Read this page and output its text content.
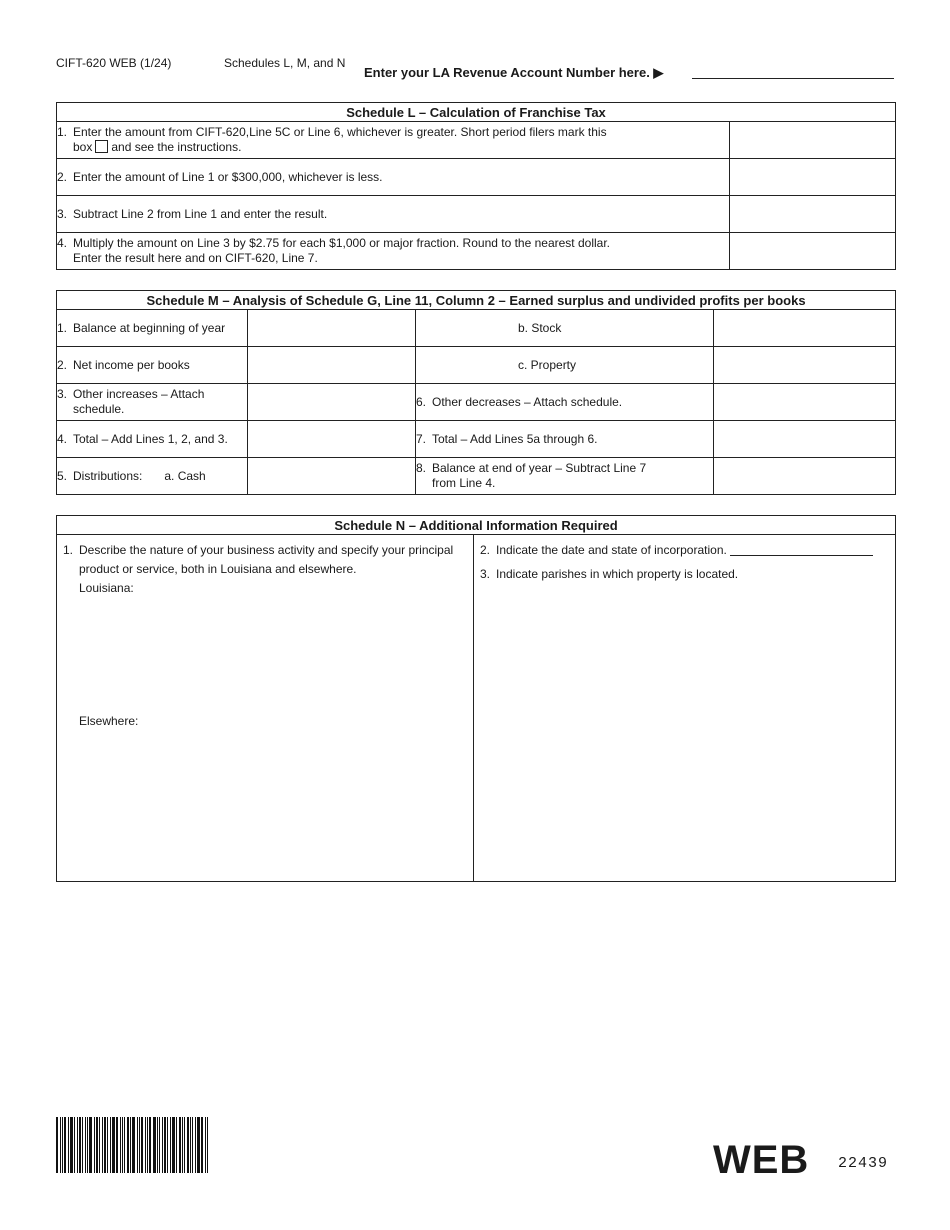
CIFT-620 WEB (1/24)	Schedules L, M, and N
Enter your LA Revenue Account Number here. ▶
Schedule L – Calculation of Franchise Tax	

1. Enter the amount from CIFT-620,Line 5C or Line 6, whichever is greater. Short period filers mark this
box and see the instructions.	

2. Enter the amount of Line 1 or $300,000, whichever is less.	
3. Subtract Line 2 from Line 1 and enter the result.	

4. Multiply the amount on Line 3 by $2.75 for each $1,000 or major fraction. Round to the nearest dollar.
Enter the result here and on CIFT-620, Line 7.	

Schedule M – Analysis of Schedule G, Line 11, Column 2 – Earned surplus and undivided profits per books			
1. Balance at beginning of year		b. Stock	
2. Net income per books		c. Property	

3. Other increases – Attach
schedule.		6. Other decreases – Attach schedule.	
4. Total – Add Lines 1, 2, and 3.		7. Total – Add Lines 5a through 6.	
5. Distributions: a. Cash		8. Balance at end of year – Subtract Line 7
from Line 4.	

Schedule N – Additional Information Required

1. Describe the nature of your business activity and specify your principal

product or service, both in Louisiana and elsewhere.

Louisiana:

Elsewhere:

2. Indicate the date and state of incorporation.

3. Indicate parishes in which property is located.

WEB 22439
